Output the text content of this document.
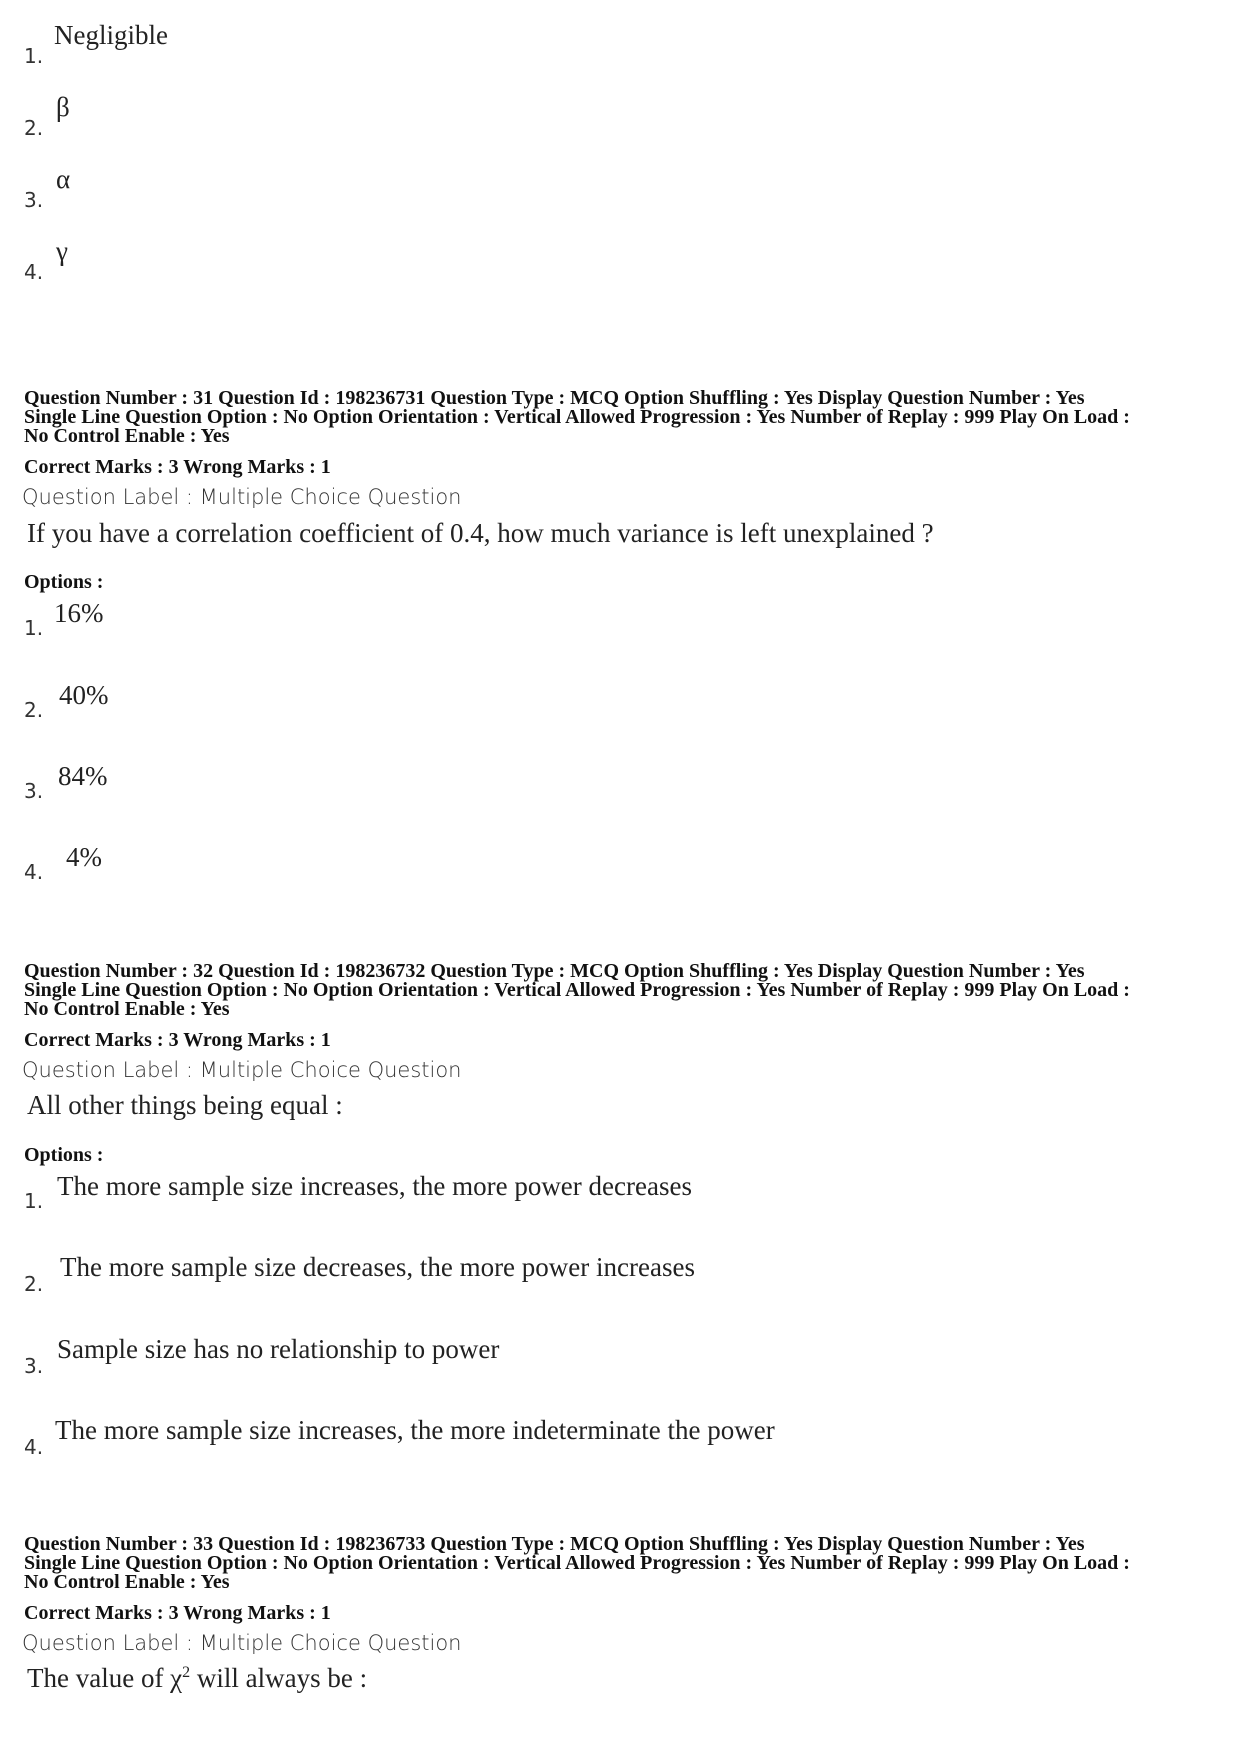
1.
Negligible
2.
β
3.
α
4.
γ
Question Number : 31 Question Id : 198236731 Question Type : MCQ Option Shuffling : Yes Display Question Number : Yes
Single Line Question Option : No Option Orientation : Vertical Allowed Progression : Yes Number of Replay : 999 Play On Load :
No Control Enable : Yes
Correct Marks : 3 Wrong Marks : 1
Question Label : Multiple Choice Question
If you have a correlation coefficient of 0.4, how much variance is left unexplained ?
Options :
1. 16%
2. 40%
3. 84%
4. 4%
Question Number : 32 Question Id : 198236732 Question Type : MCQ Option Shuffling : Yes Display Question Number : Yes
Single Line Question Option : No Option Orientation : Vertical Allowed Progression : Yes Number of Replay : 999 Play On Load :
No Control Enable : Yes
Correct Marks : 3 Wrong Marks : 1
Question Label : Multiple Choice Question
All other things being equal :
Options :
1. The more sample size increases, the more power decreases
2.
The more sample size decreases, the more power increases
3.
Sample size has no relationship to power
4.
The more sample size increases, the more indeterminate the power
Question Number : 33 Question Id : 198236733 Question Type : MCQ Option Shuffling : Yes Display Question Number : Yes
Single Line Question Option : No Option Orientation : Vertical Allowed Progression : Yes Number of Replay : 999 Play On Load :
No Control Enable : Yes
Correct Marks : 3 Wrong Marks : 1
Question Label : Multiple Choice Question
The value of $\chi^2$ will always be :
